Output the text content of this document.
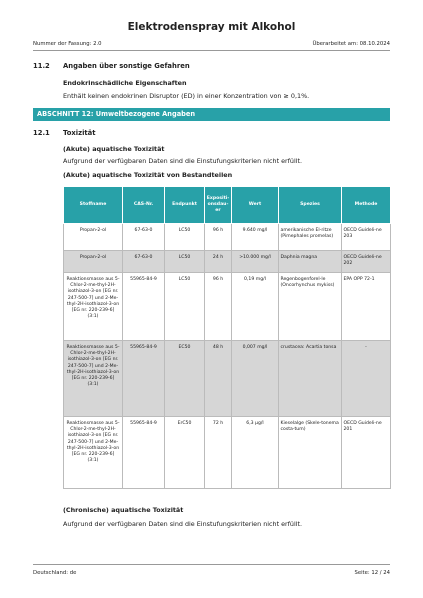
Elektrodenspray mit Alkohol
Nummer der Fassung: 2.0	Überarbeitet am: 08.10.2024
11.2 Angaben über sonstige Gefahren
Endokrinschädliche Eigenschaften
Enthält keinen endokrinen Disruptor (ED) in einer Konzentration von ≥ 0,1%.
ABSCHNITT 12: Umweltbezogene Angaben
12.1 Toxizität
(Akute) aquatische Toxizität
Aufgrund der verfügbaren Daten sind die Einstufungskriterien nicht erfüllt.
(Akute) aquatische Toxizität von Bestandteilen
Stoffname	CAS-Nr.	Endpunkt	Expositi-onsdau-er	Wert	Spezies	Methode
Propan-2-ol	67-63-0	LC50	96 h	9.640 mg/l	amerikanische El-ritze (Pimephales promelas)	OECD Guideli-ne 203
Propan-2-ol	67-63-0	LC50	24 h	>10.000 mg/l	Daphnia magna	OECD Guideli-ne 202
Reaktionsmasse aus 5-Chlor-2-me-thyl-2H-isothiazol-3-on [EG nr. 247-500-7] und 2-Me-thyl-2H-isothiazol-3-on [EG nr. 220-239-6] (3:1)	55965-84-9	LC50	96 h	0,19 mg/l	Regenbogenforel-le (Oncorhynchus mykiss)	EPA OPP 72-1
Reaktionsmasse aus 5-Chlor-2-me-thyl-2H-isothiazol-3-on [EG nr. 247-500-7] und 2-Me-thyl-2H-isothiazol-3-on [EG nr. 220-239-6] (3:1)	55965-84-9	EC50	48 h	0,007 mg/l	crustacea: Acartia tonsa	-
Reaktionsmasse aus 5-Chlor-2-me-thyl-2H-isothiazol-3-on [EG nr. 247-500-7] und 2-Me-thyl-2H-isothiazol-3-on [EG nr. 220-239-6] (3:1)	55965-84-9	ErC50	72 h	6,3 µg/l	Kieselalge (Skele-tonema costa-tum)	OECD Guideli-ne 201
(Chronische) aquatische Toxizität
Aufgrund der verfügbaren Daten sind die Einstufungskriterien nicht erfüllt.
Deutschland: de	Seite: 12 / 24
